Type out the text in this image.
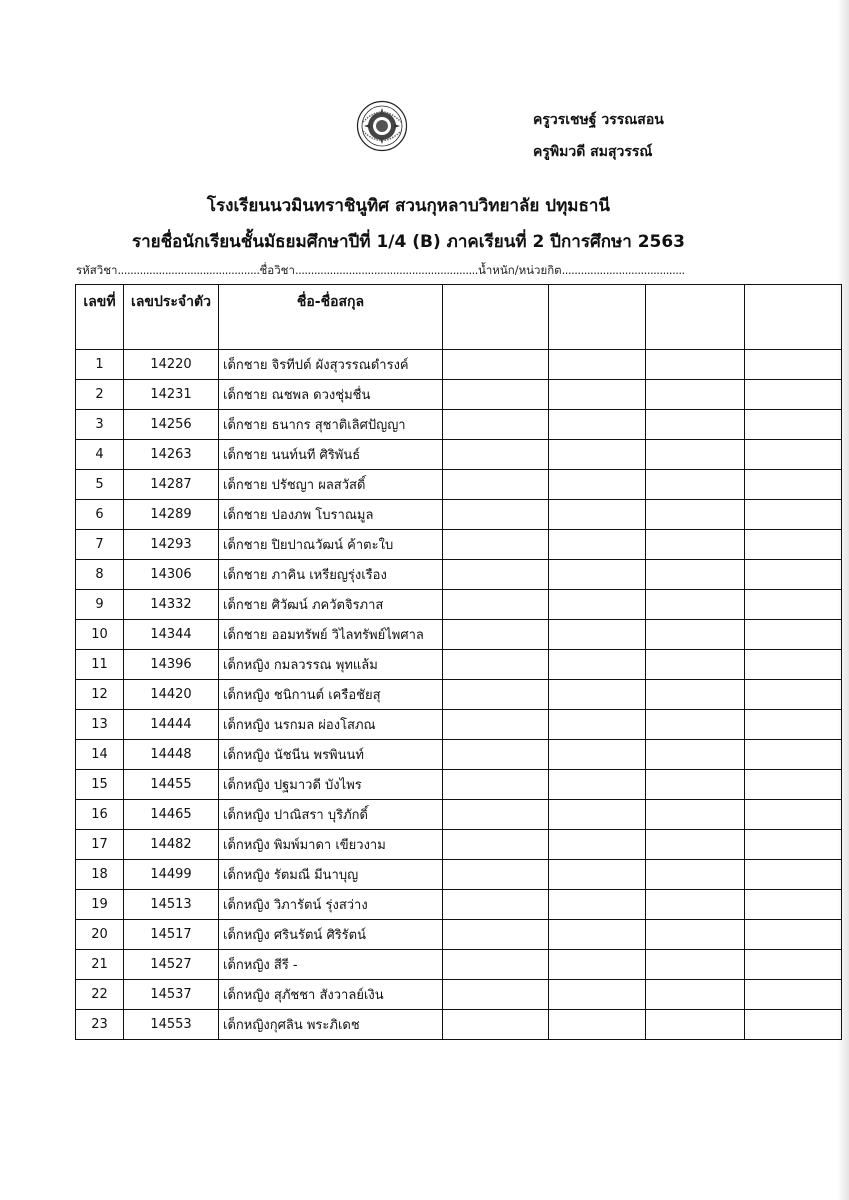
ครูวรเชษฐ์ วรรณสอน
ครูพิมวดี สมสุวรรณ์
โรงเรียนนวมินทราชินูทิศ สวนกุหลาบวิทยาลัย ปทุมธานี
รายชื่อนักเรียนชั้นมัธยมศึกษาปีที่ 1/4 (B) ภาคเรียนที่ 2 ปีการศึกษา 2563
รหัสวิชา.............................................ชื่อวิชา..........................................................น้ำหนัก/หน่วยกิต.......................................
เลขที่	เลขประจำตัว	ชื่อ-ชื่อสกุล				
1	14220	เด็กชาย จิรทีปต์ ผังสุวรรณดำรงค์				
2	14231	เด็กชาย ณชพล ดวงชุ่มชื่น				
3	14256	เด็กชาย ธนากร สุชาติเลิศปัญญา				
4	14263	เด็กชาย นนท์นที ศิริพันธ์				
5	14287	เด็กชาย ปรัชญา ผลสวัสดิ์				
6	14289	เด็กชาย ปองภพ โบราณมูล				
7	14293	เด็กชาย ปิยปาณวัฒน์ ค้าตะใบ				
8	14306	เด็กชาย ภาคิน เหรียญรุ่งเรือง				
9	14332	เด็กชาย ศิวัฒน์ ภควัตจิรภาส				
10	14344	เด็กชาย ออมทรัพย์ วิไลทรัพย์ไพศาล				
11	14396	เด็กหญิง กมลวรรณ พุทแล้ม				
12	14420	เด็กหญิง ชนิกานต์ เครือชัยสุ				
13	14444	เด็กหญิง นรกมล ผ่องโสภณ				
14	14448	เด็กหญิง นัชนีน พรพินนท์				
15	14455	เด็กหญิง ปฐมาวดี บังไพร				
16	14465	เด็กหญิง ปาณิสรา บุริภักดิ์				
17	14482	เด็กหญิง พิมพ์มาดา เขียวงาม				
18	14499	เด็กหญิง รัตมณี มีนาบุญ				
19	14513	เด็กหญิง วิภารัตน์ รุ่งสว่าง				
20	14517	เด็กหญิง ศรินรัตน์ ศิริรัตน์				
21	14527	เด็กหญิง สีรี -				
22	14537	เด็กหญิง สุภัชชา สังวาลย์เงิน				
23	14553	เด็กหญิงกุศลิน พระภิเดช				
